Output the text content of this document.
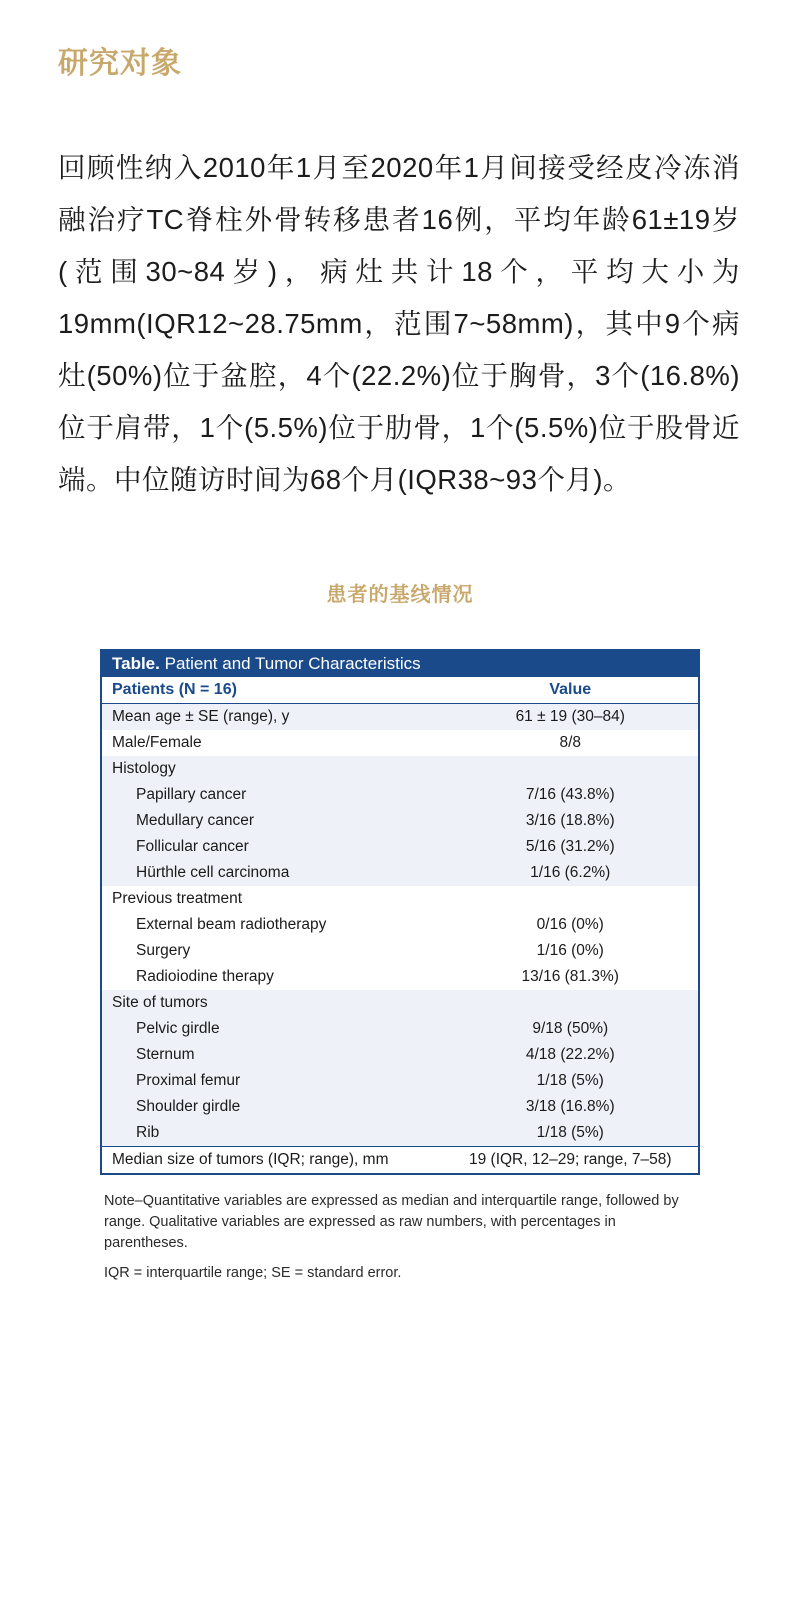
研究对象

回顾性纳入2010年1月至2020年1月间接受经皮冷冻消融治疗TC脊柱外骨转移患者16例，平均年龄61±19岁(范围30~84岁)，病灶共计18个，平均大小为19mm(IQR12~28.75mm，范围7~58mm)，其中9个病灶(50%)位于盆腔，4个(22.2%)位于胸骨，3个(16.8%)位于肩带，1个(5.5%)位于肋骨，1个(5.5%)位于股骨近端。中位随访时间为68个月(IQR38~93个月)。

患者的基线情况
Table. Patient and Tumor Characteristics	
Patients (N = 16)	Value
Mean age ± SE (range), y	61 ± 19 (30–84)
Male/Female	8/8
Histology	
Papillary cancer	7/16 (43.8%)
Medullary cancer	3/16 (18.8%)
Follicular cancer	5/16 (31.2%)
Hürthle cell carcinoma	1/16 (6.2%)
Previous treatment	
External beam radiotherapy	0/16 (0%)
Surgery	1/16 (0%)
Radioiodine therapy	13/16 (81.3%)
Site of tumors	
Pelvic girdle	9/18 (50%)
Sternum	4/18 (22.2%)
Proximal femur	1/18 (5%)
Shoulder girdle	3/18 (16.8%)
Rib	1/18 (5%)
Median size of tumors (IQR; range), mm	19 (IQR, 12–29; range, 7–58)

Note–Quantitative variables are expressed as median and interquartile range, followed by range. Qualitative variables are expressed as raw numbers, with percentages in parentheses.

IQR = interquartile range; SE = standard error.
